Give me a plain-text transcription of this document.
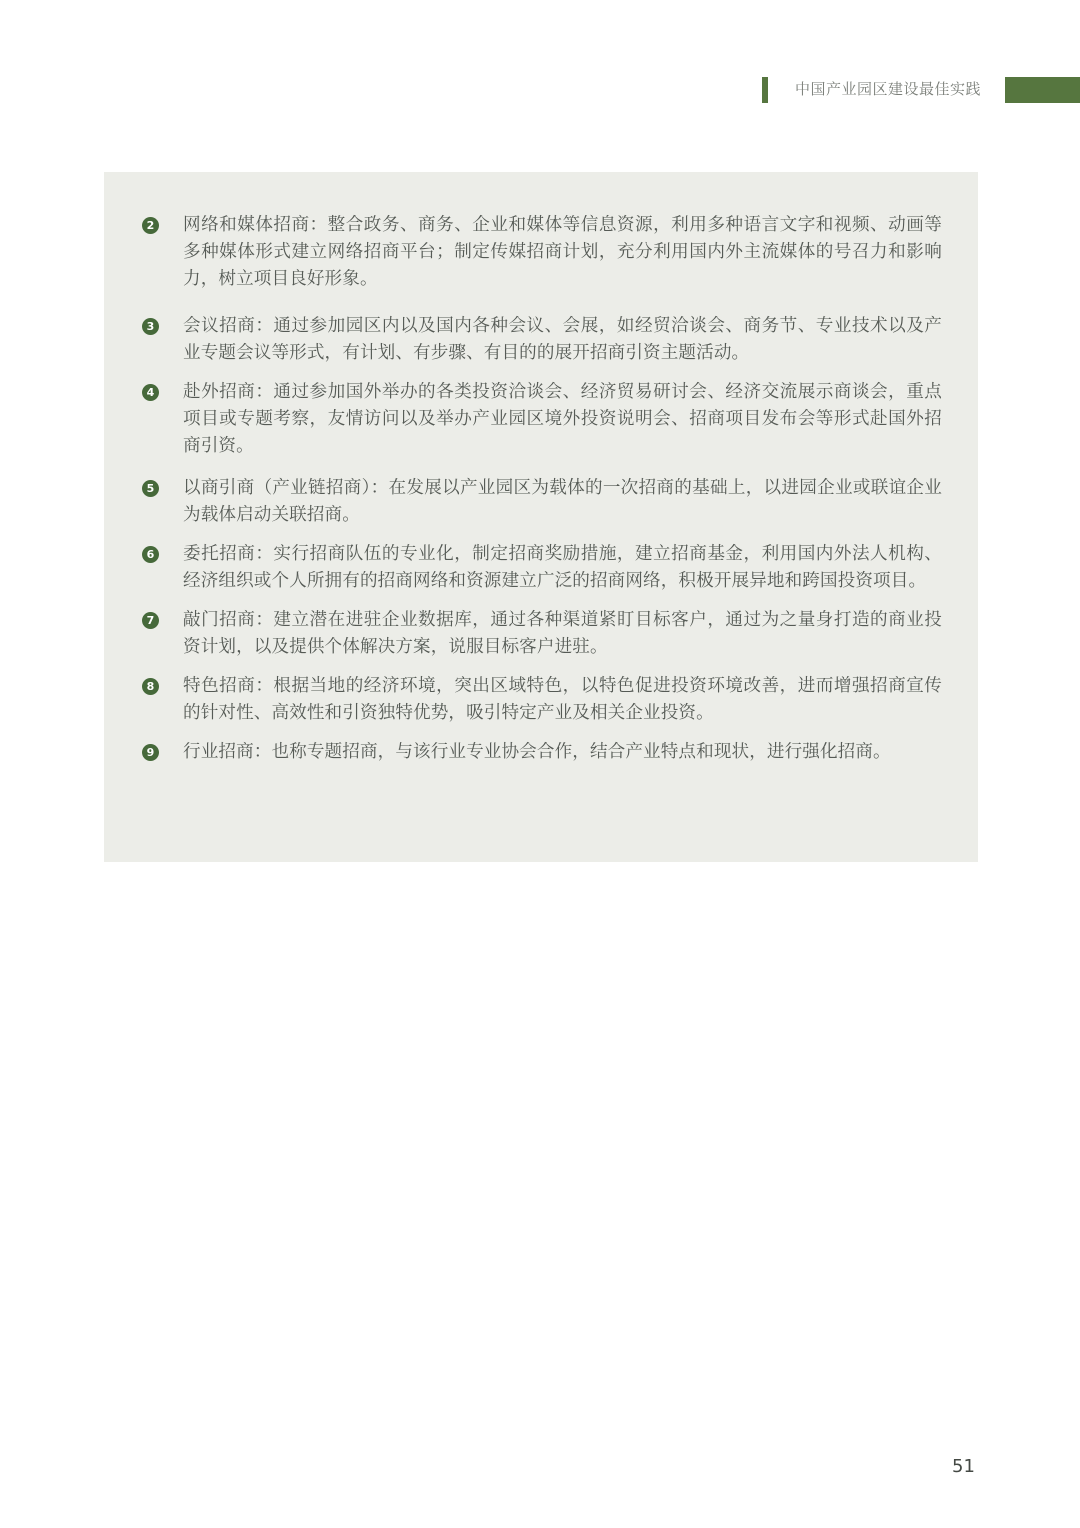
中国产业园区建设最佳实践
2 网络和媒体招商：整合政务、商务、企业和媒体等信息资源，利用多种语言文字和视频、动画等多种媒体形式建立网络招商平台；制定传媒招商计划，充分利用国内外主流媒体的号召力和影响力，树立项目良好形象。
3 会议招商：通过参加园区内以及国内各种会议、会展，如经贸洽谈会、商务节、专业技术以及产业专题会议等形式，有计划、有步骤、有目的的展开招商引资主题活动。
4 赴外招商：通过参加国外举办的各类投资洽谈会、经济贸易研讨会、经济交流展示商谈会，重点项目或专题考察，友情访问以及举办产业园区境外投资说明会、招商项目发布会等形式赴国外招商引资。
5 以商引商（产业链招商）：在发展以产业园区为载体的一次招商的基础上，以进园企业或联谊企业为载体启动关联招商。
6 委托招商：实行招商队伍的专业化，制定招商奖励措施，建立招商基金，利用国内外法人机构、经济组织或个人所拥有的招商网络和资源建立广泛的招商网络，积极开展异地和跨国投资项目。
7 敲门招商：建立潜在进驻企业数据库，通过各种渠道紧盯目标客户，通过为之量身打造的商业投资计划，以及提供个体解决方案，说服目标客户进驻。
8 特色招商：根据当地的经济环境，突出区域特色，以特色促进投资环境改善，进而增强招商宣传的针对性、高效性和引资独特优势，吸引特定产业及相关企业投资。
9 行业招商：也称专题招商，与该行业专业协会合作，结合产业特点和现状，进行强化招商。
51
